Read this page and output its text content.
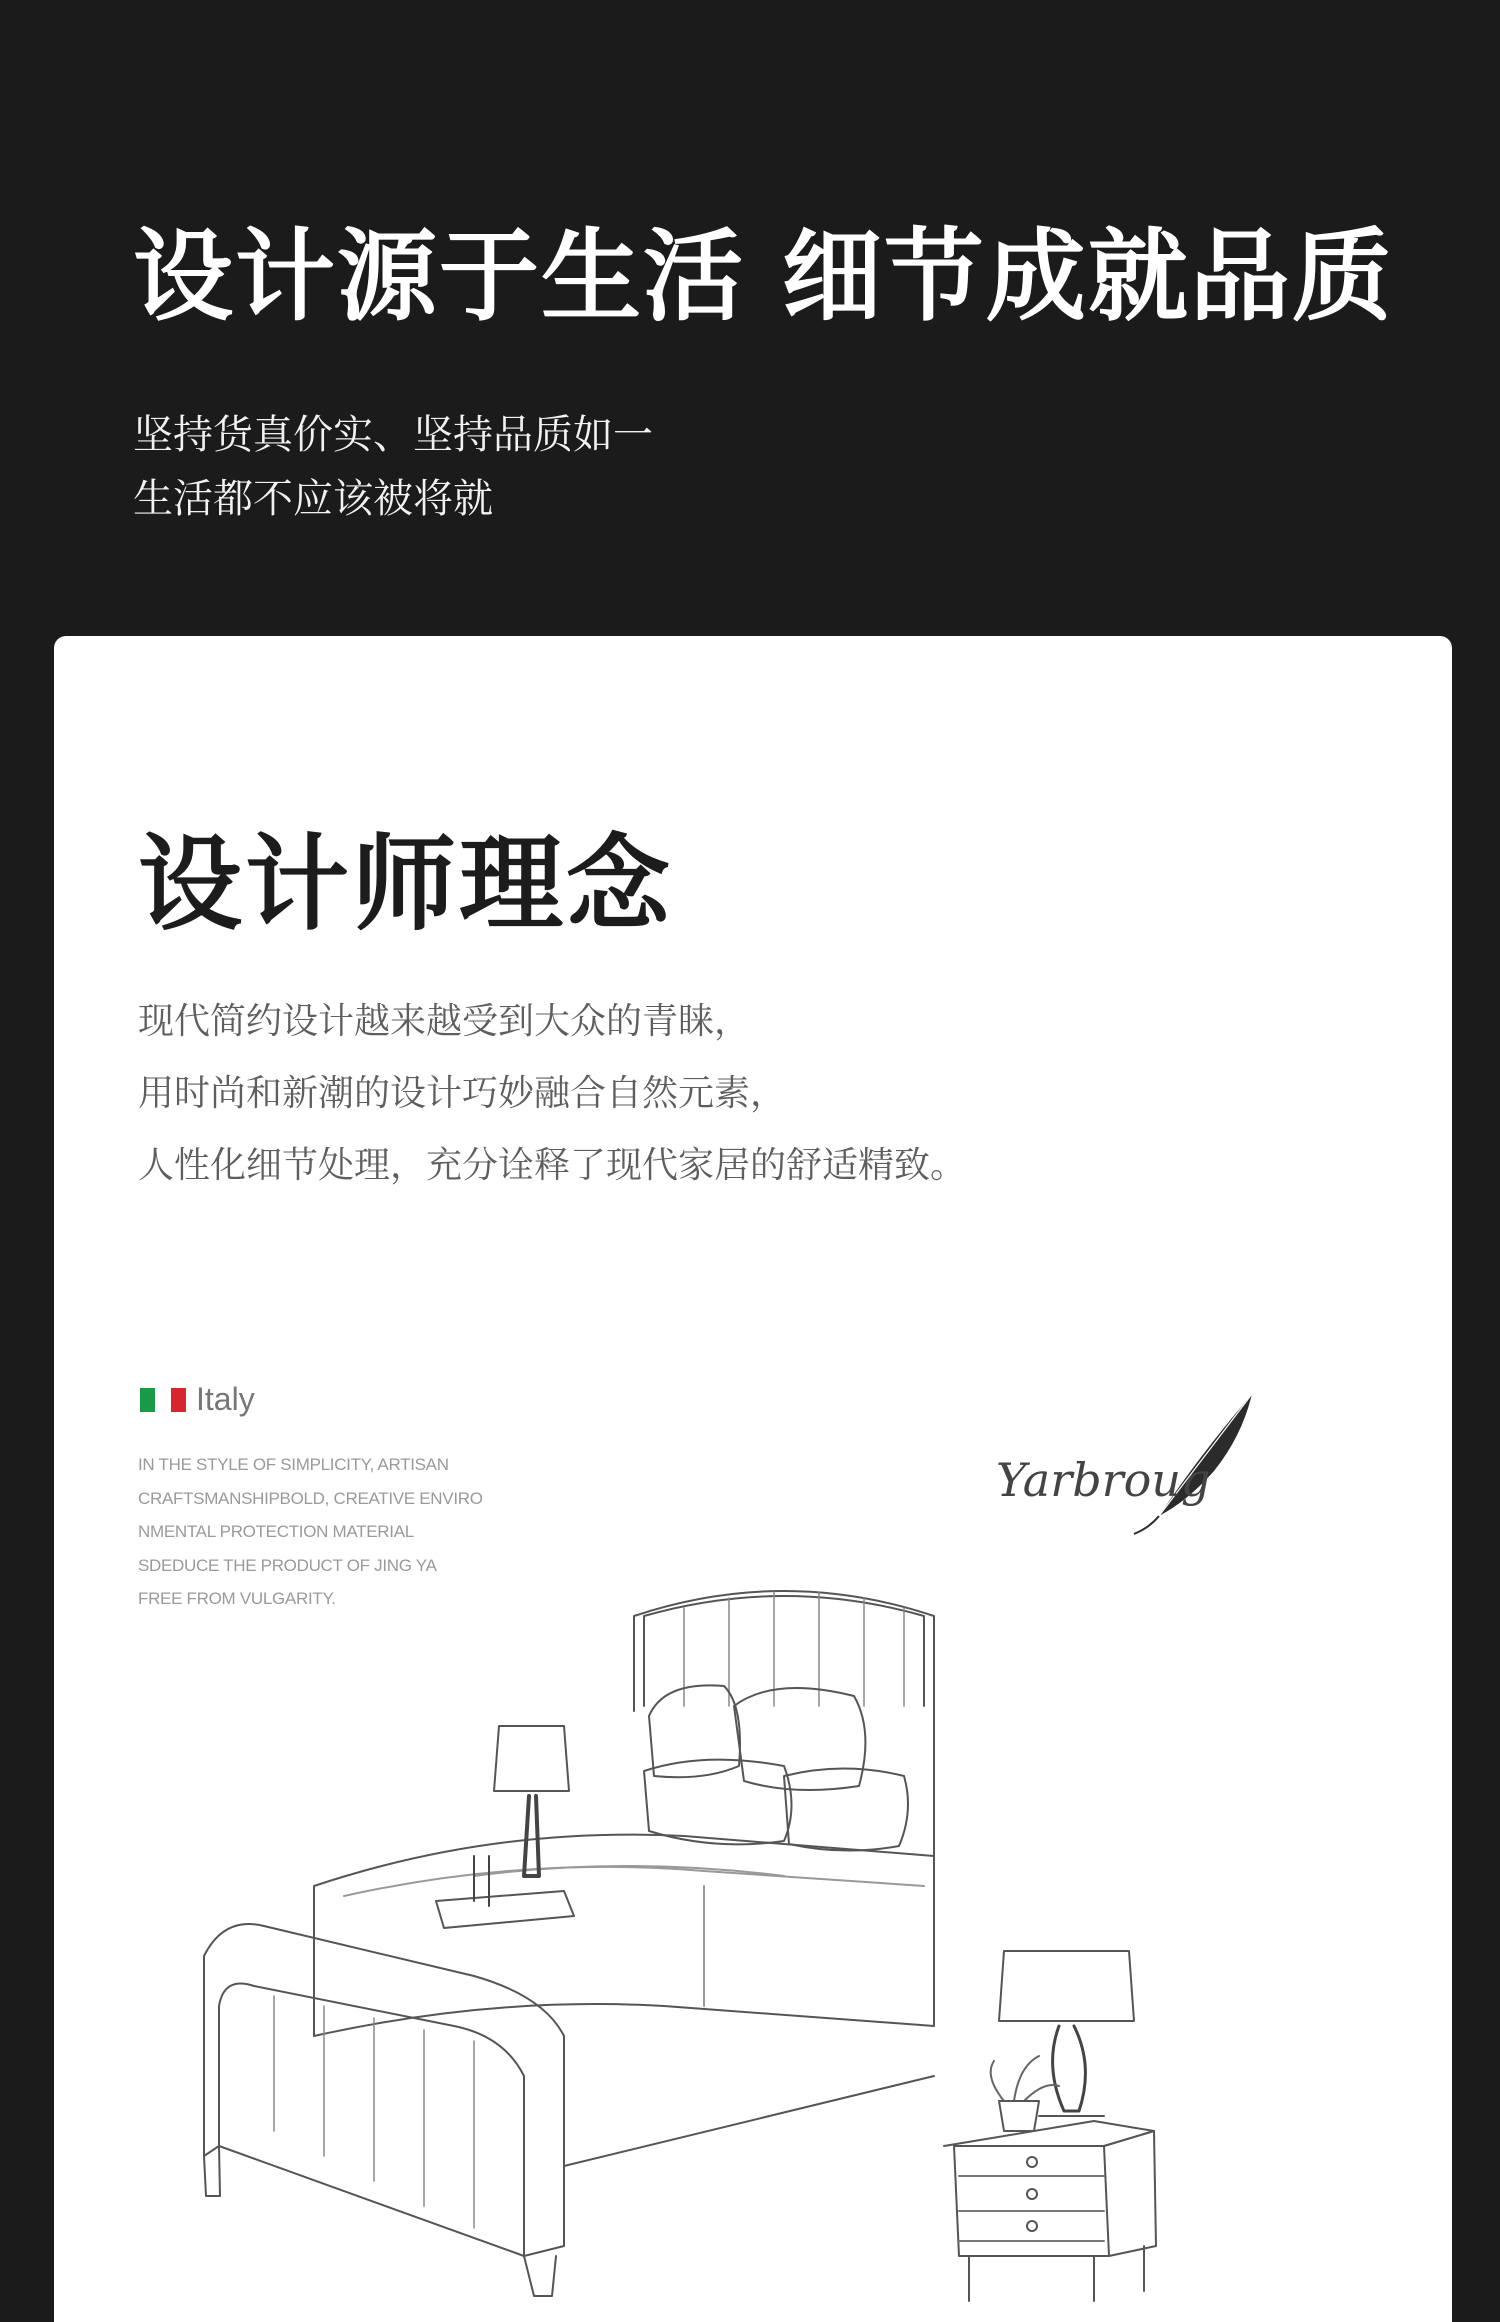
设计源于生活 细节成就品质
坚持货真价实、坚持品质如一
生活都不应该被将就
设计师理念
现代简约设计越来越受到大众的青睐，
用时尚和新潮的设计巧妙融合自然元素，
人性化细节处理，充分诠释了现代家居的舒适精致。
Italy
IN THE STYLE OF SIMPLICITY, ARTISAN
CRAFTSMANSHIPBOLD, CREATIVE ENVIRO
NMENTAL PROTECTION MATERIAL
SDEDUCE THE PRODUCT OF JING YA
FREE FROM VULGARITY.
Yarbroug
